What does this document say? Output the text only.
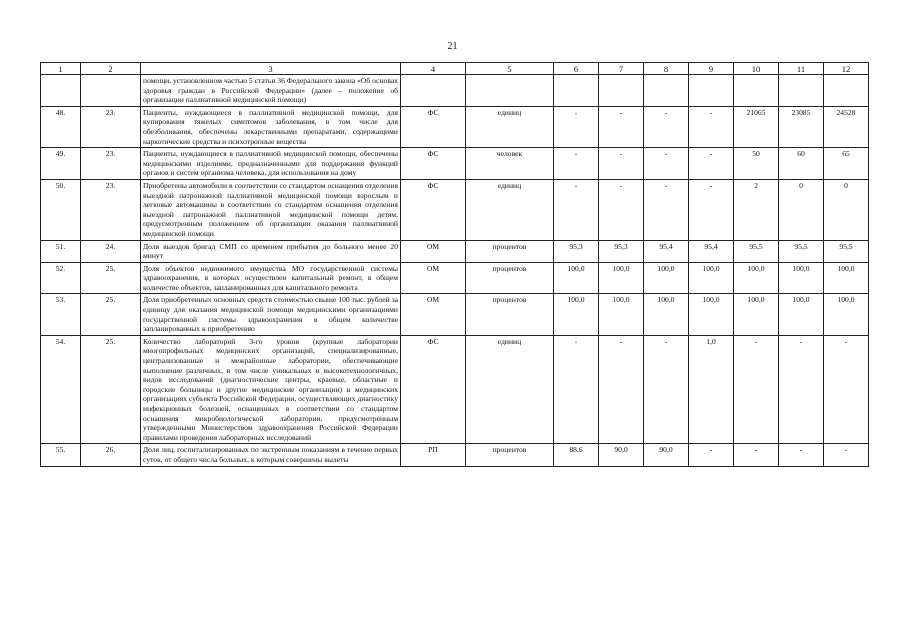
21
1	2	3	4	5	6	7	8	9	10	11	12
		помощи, установленном частью 5 статьи 36 Федерального закона «Об основах здоровья граждан в Российской Федерации» (далее – положение об организации паллиативной медицинской помощи)									
48.	23.	Пациенты, нуждающиеся в паллиативной медицинской помощи, для купирования тяжелых симптомов заболевания, в том числе для обезболивания, обеспечены лекарственными препаратами, содержащими наркотические средства и психотропные вещества	ФС	единиц	-	-	-	-	21065	23085	24528
49.	23.	Пациенты, нуждающиеся в паллиативной медицинской помощи, обеспечены медицинскими изделиями, предназначенными для поддержания функций органов и систем организма человека, для использования на дому	ФС	человек	-	-	-	-	50	60	65
50.	23.	Приобретены автомобили в соответствии со стандартом оснащения отделения выездной патронажной паллиативной медицинской помощи взрослым и легковые автомашины в соответствии со стандартом оснащения отделения выездной патронажной паллиативной медицинской помощи детям, предусмотренным положением об организации оказания паллиативной медицинской помощи	ФС	единиц	-	-	-	-	2	0	0
51.	24.	Доля выездов бригад СМП со временем прибытия до больного менее 20 минут	ОМ	процентов	95,3	95,3	95,4	95,4	95,5	95,5	95,5
52.	25.	Доля объектов недвижимого имущества МО государственной системы здравоохранения, в которых осуществлен капитальный ремонт, в общем количестве объектов, запланированных для капитального ремонта	ОМ	процентов	100,0	100,0	100,0	100,0	100,0	100,0	100,0
53.	25.	Доля приобретенных основных средств стоимостью свыше 100 тыс. рублей за единицу для оказания медицинской помощи медицинскими организациями государственной системы здравоохранения в общем количестве запланированных к приобретению	ОМ	процентов	100,0	100,0	100,0	100,0	100,0	100,0	100,0
54.	25.	Количество лабораторий 3-го уровня (крупные лаборатории многопрофильных медицинских организаций, специализированные, централизованные и межрайонные лаборатории, обеспечивающие выполнение различных, в том числе уникальных и высокотехнологичных, видов исследований (диагностические центры, краевые, областные и городские больницы и другие медицинские организации) в медицинских организациях субъекта Российской Федерации, осуществляющих диагностику инфекционных болезней, оснащенных в соответствии со стандартом оснащения микробиологической лаборатории, предусмотренным утвержденными Министерством здравоохранения Российской Федерации правилами проведения лабораторных исследований	ФС	единиц	-	-	-	1,0	-	-	-
55.	26.	Доля лиц, госпитализированных по экстренным показаниям в течение первых суток, от общего числа больных, к которым совершены вылеты	РП	процентов	88,6	90,0	90,0	-	-	-	-
